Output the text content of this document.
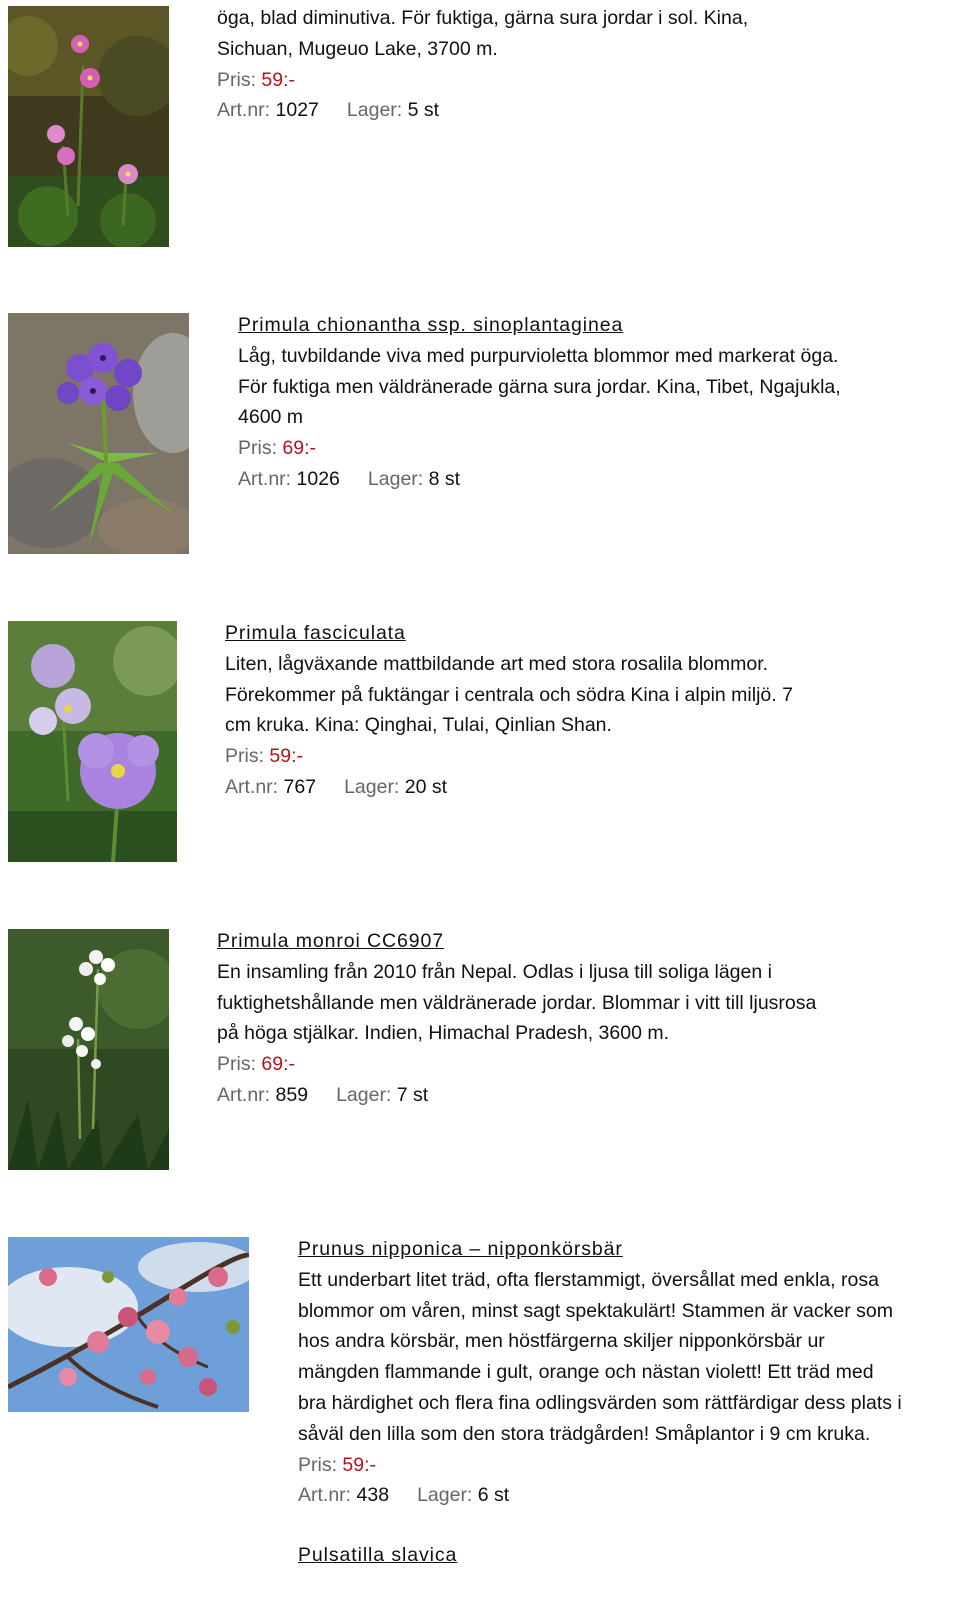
öga, blad diminutiva. För fuktiga, gärna sura jordar i sol. Kina,
Sichuan, Mugeuo Lake, 3700 m.
Pris: 59:-
Art.nr: 1027 Lager: 5 st
Primula chionantha ssp. sinoplantaginea
Låg, tuvbildande viva med purpurvioletta blommor med markerat öga.
För fuktiga men väldränerade gärna sura jordar. Kina, Tibet, Ngajukla,
4600 m
Pris: 69:-
Art.nr: 1026 Lager: 8 st
Primula fasciculata
Liten, lågväxande mattbildande art med stora rosalila blommor.
Förekommer på fuktängar i centrala och södra Kina i alpin miljö. 7
cm kruka. Kina: Qinghai, Tulai, Qinlian Shan.
Pris: 59:-
Art.nr: 767 Lager: 20 st
Primula monroi CC6907
En insamling från 2010 från Nepal. Odlas i ljusa till soliga lägen i
fuktighetshållande men väldränerade jordar. Blommar i vitt till ljusrosa
på höga stjälkar. Indien, Himachal Pradesh, 3600 m.
Pris: 69:-
Art.nr: 859 Lager: 7 st
Prunus nipponica – nipponkörsbär
Ett underbart litet träd, ofta flerstammigt, översållat med enkla, rosa
blommor om våren, minst sagt spektakulärt! Stammen är vacker som
hos andra körsbär, men höstfärgerna skiljer nipponkörsbär ur
mängden flammande i gult, orange och nästan violett! Ett träd med
bra härdighet och flera fina odlingsvärden som rättfärdigar dess plats i
såväl den lilla som den stora trädgården! Småplantor i 9 cm kruka.
Pris: 59:-
Art.nr: 438 Lager: 6 st
Pulsatilla slavica
